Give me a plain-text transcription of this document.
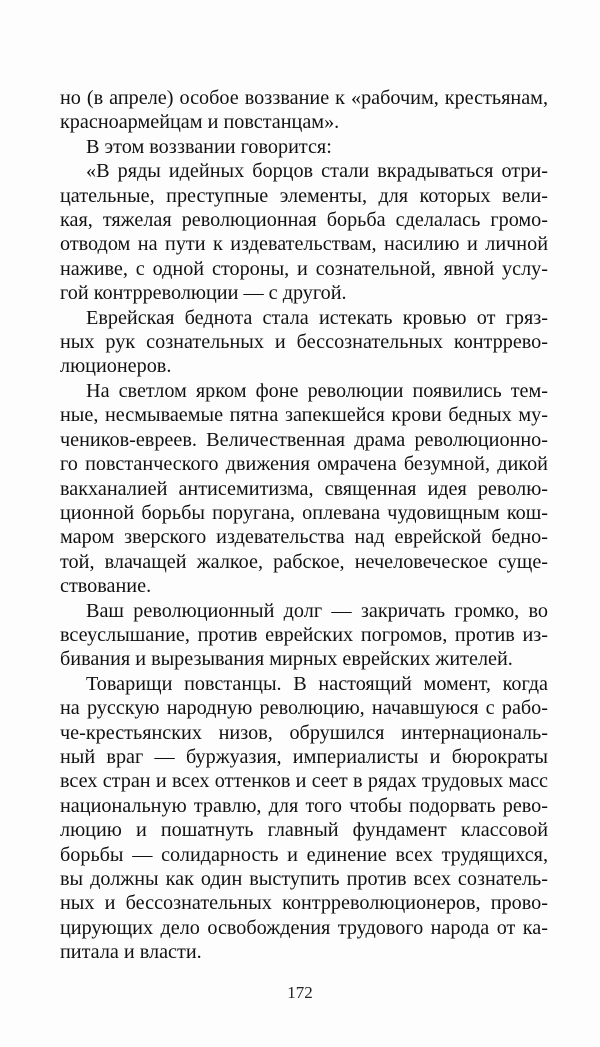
но (в апреле) особое воззвание к «рабочим, крестьянам,
красноармейцам и повстанцам».

В этом воззвании говорится:

«В ряды идейных борцов стали вкрадываться отри-
цательные, преступные элементы, для которых вели-
кая, тяжелая революционная борьба сделалась громо-
отводом на пути к издевательствам, насилию и личной
наживе, с одной стороны, и сознательной, явной услу-
гой контрреволюции — с другой.

Еврейская беднота стала истекать кровью от гряз-
ных рук сознательных и бессознательных контррево-
люционеров.

На светлом ярком фоне революции появились тем-
ные, несмываемые пятна запекшейся крови бедных му-
чеников-евреев. Величественная драма революционно-
го повстанческого движения омрачена безумной, дикой
вакханалией антисемитизма, священная идея револю-
ционной борьбы поругана, оплевана чудовищным кош-
маром зверского издевательства над еврейской бедно-
той, влачащей жалкое, рабское, нечеловеческое суще-
ствование.

Ваш революционный долг — закричать громко, во
всеуслышание, против еврейских погромов, против из-
бивания и вырезывания мирных еврейских жителей.

Товарищи повстанцы. В настоящий момент, когда
на русскую народную революцию, начавшуюся с рабо-
че-крестьянских низов, обрушился интернациональ-
ный враг — буржуазия, империалисты и бюрократы
всех стран и всех оттенков и сеет в рядах трудовых масс
национальную травлю, для того чтобы подорвать рево-
люцию и пошатнуть главный фундамент классовой
борьбы — солидарность и единение всех трудящихся,
вы должны как один выступить против всех сознатель-
ных и бессознательных контрреволюционеров, прово-
цирующих дело освобождения трудового народа от ка-
питала и власти.

172
